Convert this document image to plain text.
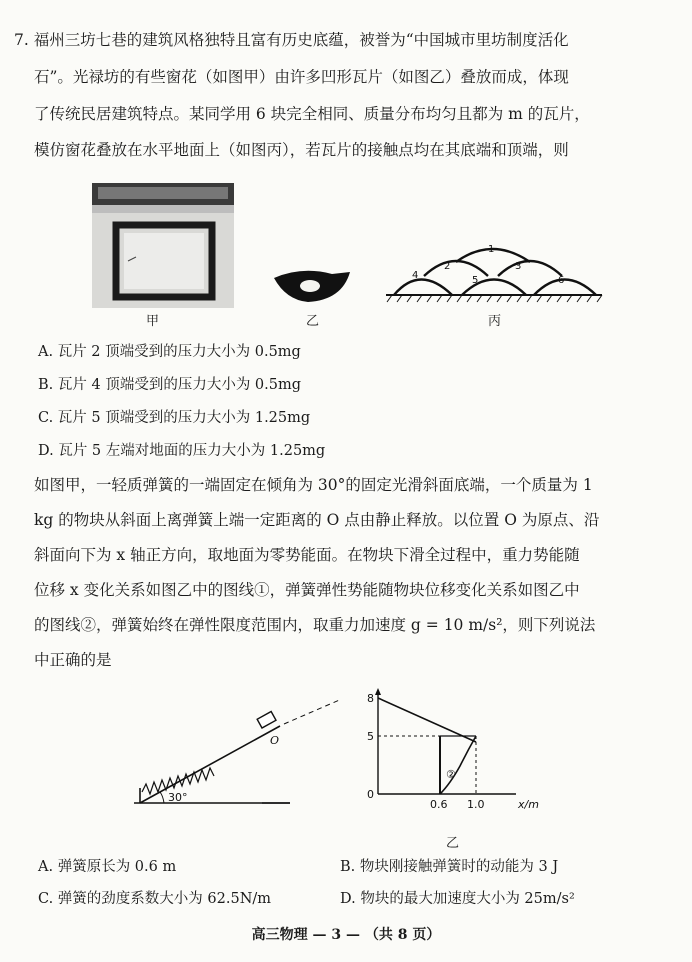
7. 福州三坊七巷的建筑风格独特且富有历史底蕴，被誉为“中国城市里坊制度活化
石”。光禄坊的有些窗花（如图甲）由许多凹形瓦片（如图乙）叠放而成，体现
了传统民居建筑特点。某同学用 6 块完全相同、质量分布均匀且都为 m 的瓦片，
模仿窗花叠放在水平地面上（如图丙），若瓦片的接触点均在其底端和顶端，则
1
2	3
4	5	6
甲	乙	丙
A. 瓦片 2 顶端受到的压力大小为 0.5mg
B. 瓦片 4 顶端受到的压力大小为 0.5mg
C. 瓦片 5 顶端受到的压力大小为 1.25mg
D. 瓦片 5 左端对地面的压力大小为 1.25mg
如图甲，一轻质弹簧的一端固定在倾角为 30°的固定光滑斜面底端，一个质量为 1
kg 的物块从斜面上离弹簧上端一定距离的 O 点由静止释放。以位置 O 为原点、沿
斜面向下为 x 轴正方向，取地面为零势能面。在物块下滑全过程中，重力势能随
位移 x 变化关系如图乙中的图线①，弹簧弹性势能随物块位移变化关系如图乙中
的图线②，弹簧始终在弹性限度范围内，取重力加速度 g = 10 m/s²，则下列说法
中正确的是
30°
O
8
5
0
0.6 1.0	x/m
②
乙
A. 弹簧原长为 0.6 m	B. 物块刚接触弹簧时的动能为 3 J
C. 弹簧的劲度系数大小为 62.5N/m	D. 物块的最大加速度大小为 25m/s²
高三物理 — 3 — （共 8 页）
